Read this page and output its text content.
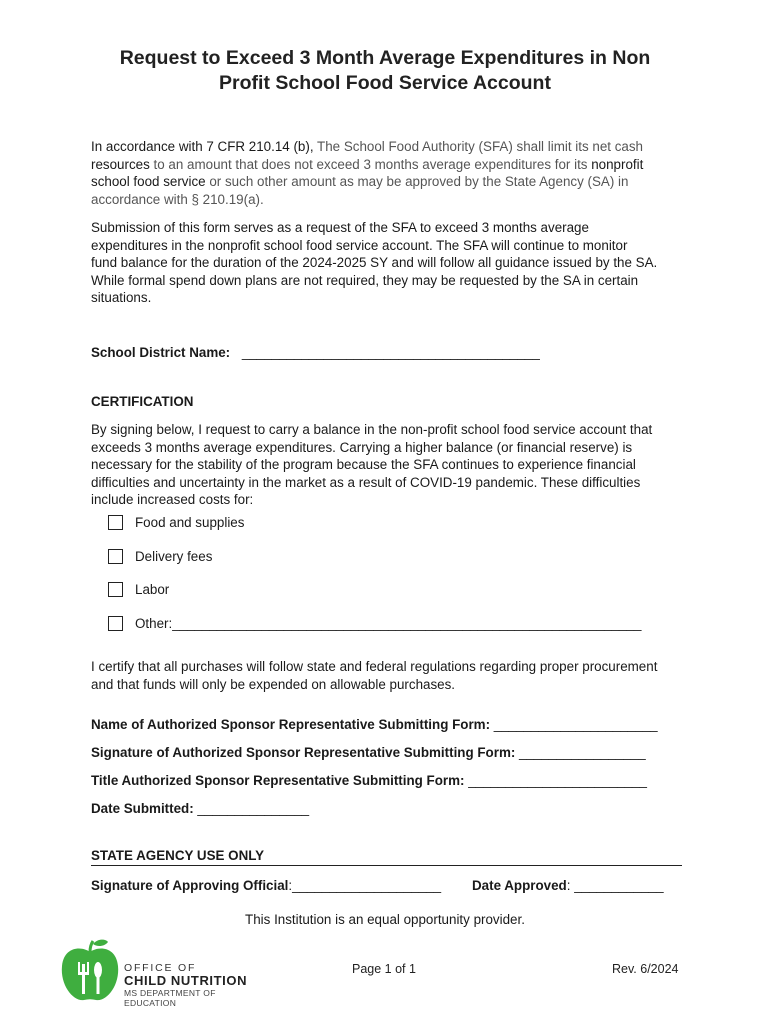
Request to Exceed 3 Month Average Expenditures in Non
Profit School Food Service Account
In accordance with 7 CFR 210.14 (b), The School Food Authority (SFA) shall limit its net cash
resources to an amount that does not exceed 3 months average expenditures for its nonprofit
school food service or such other amount as may be approved by the State Agency (SA) in
accordance with § 210.19(a).
Submission of this form serves as a request of the SFA to exceed 3 months average
expenditures in the nonprofit school food service account. The SFA will continue to monitor
fund balance for the duration of the 2024-2025 SY and will follow all guidance issued by the SA.
While formal spend down plans are not required, they may be requested by the SA in certain
situations.
School District Name: ________________________________________
CERTIFICATION
By signing below, I request to carry a balance in the non-profit school food service account that
exceeds 3 months average expenditures. Carrying a higher balance (or financial reserve) is
necessary for the stability of the program because the SFA continues to experience financial
difficulties and uncertainty in the market as a result of COVID-19 pandemic. These difficulties
include increased costs for:
Food and supplies
Delivery fees
Labor
Other:_______________________________________________________________
I certify that all purchases will follow state and federal regulations regarding proper procurement
and that funds will only be expended on allowable purchases.
Name of Authorized Sponsor Representative Submitting Form: ______________________
Signature of Authorized Sponsor Representative Submitting Form: _________________
Title Authorized Sponsor Representative Submitting Form: ________________________
Date Submitted: _______________
STATE AGENCY USE ONLY
Signature of Approving Official:____________________ Date Approved: ____________
This Institution is an equal opportunity provider.
OFFICE OF
CHILD NUTRITION
MS DEPARTMENT OF EDUCATION
Page 1 of 1	Rev. 6/2024
